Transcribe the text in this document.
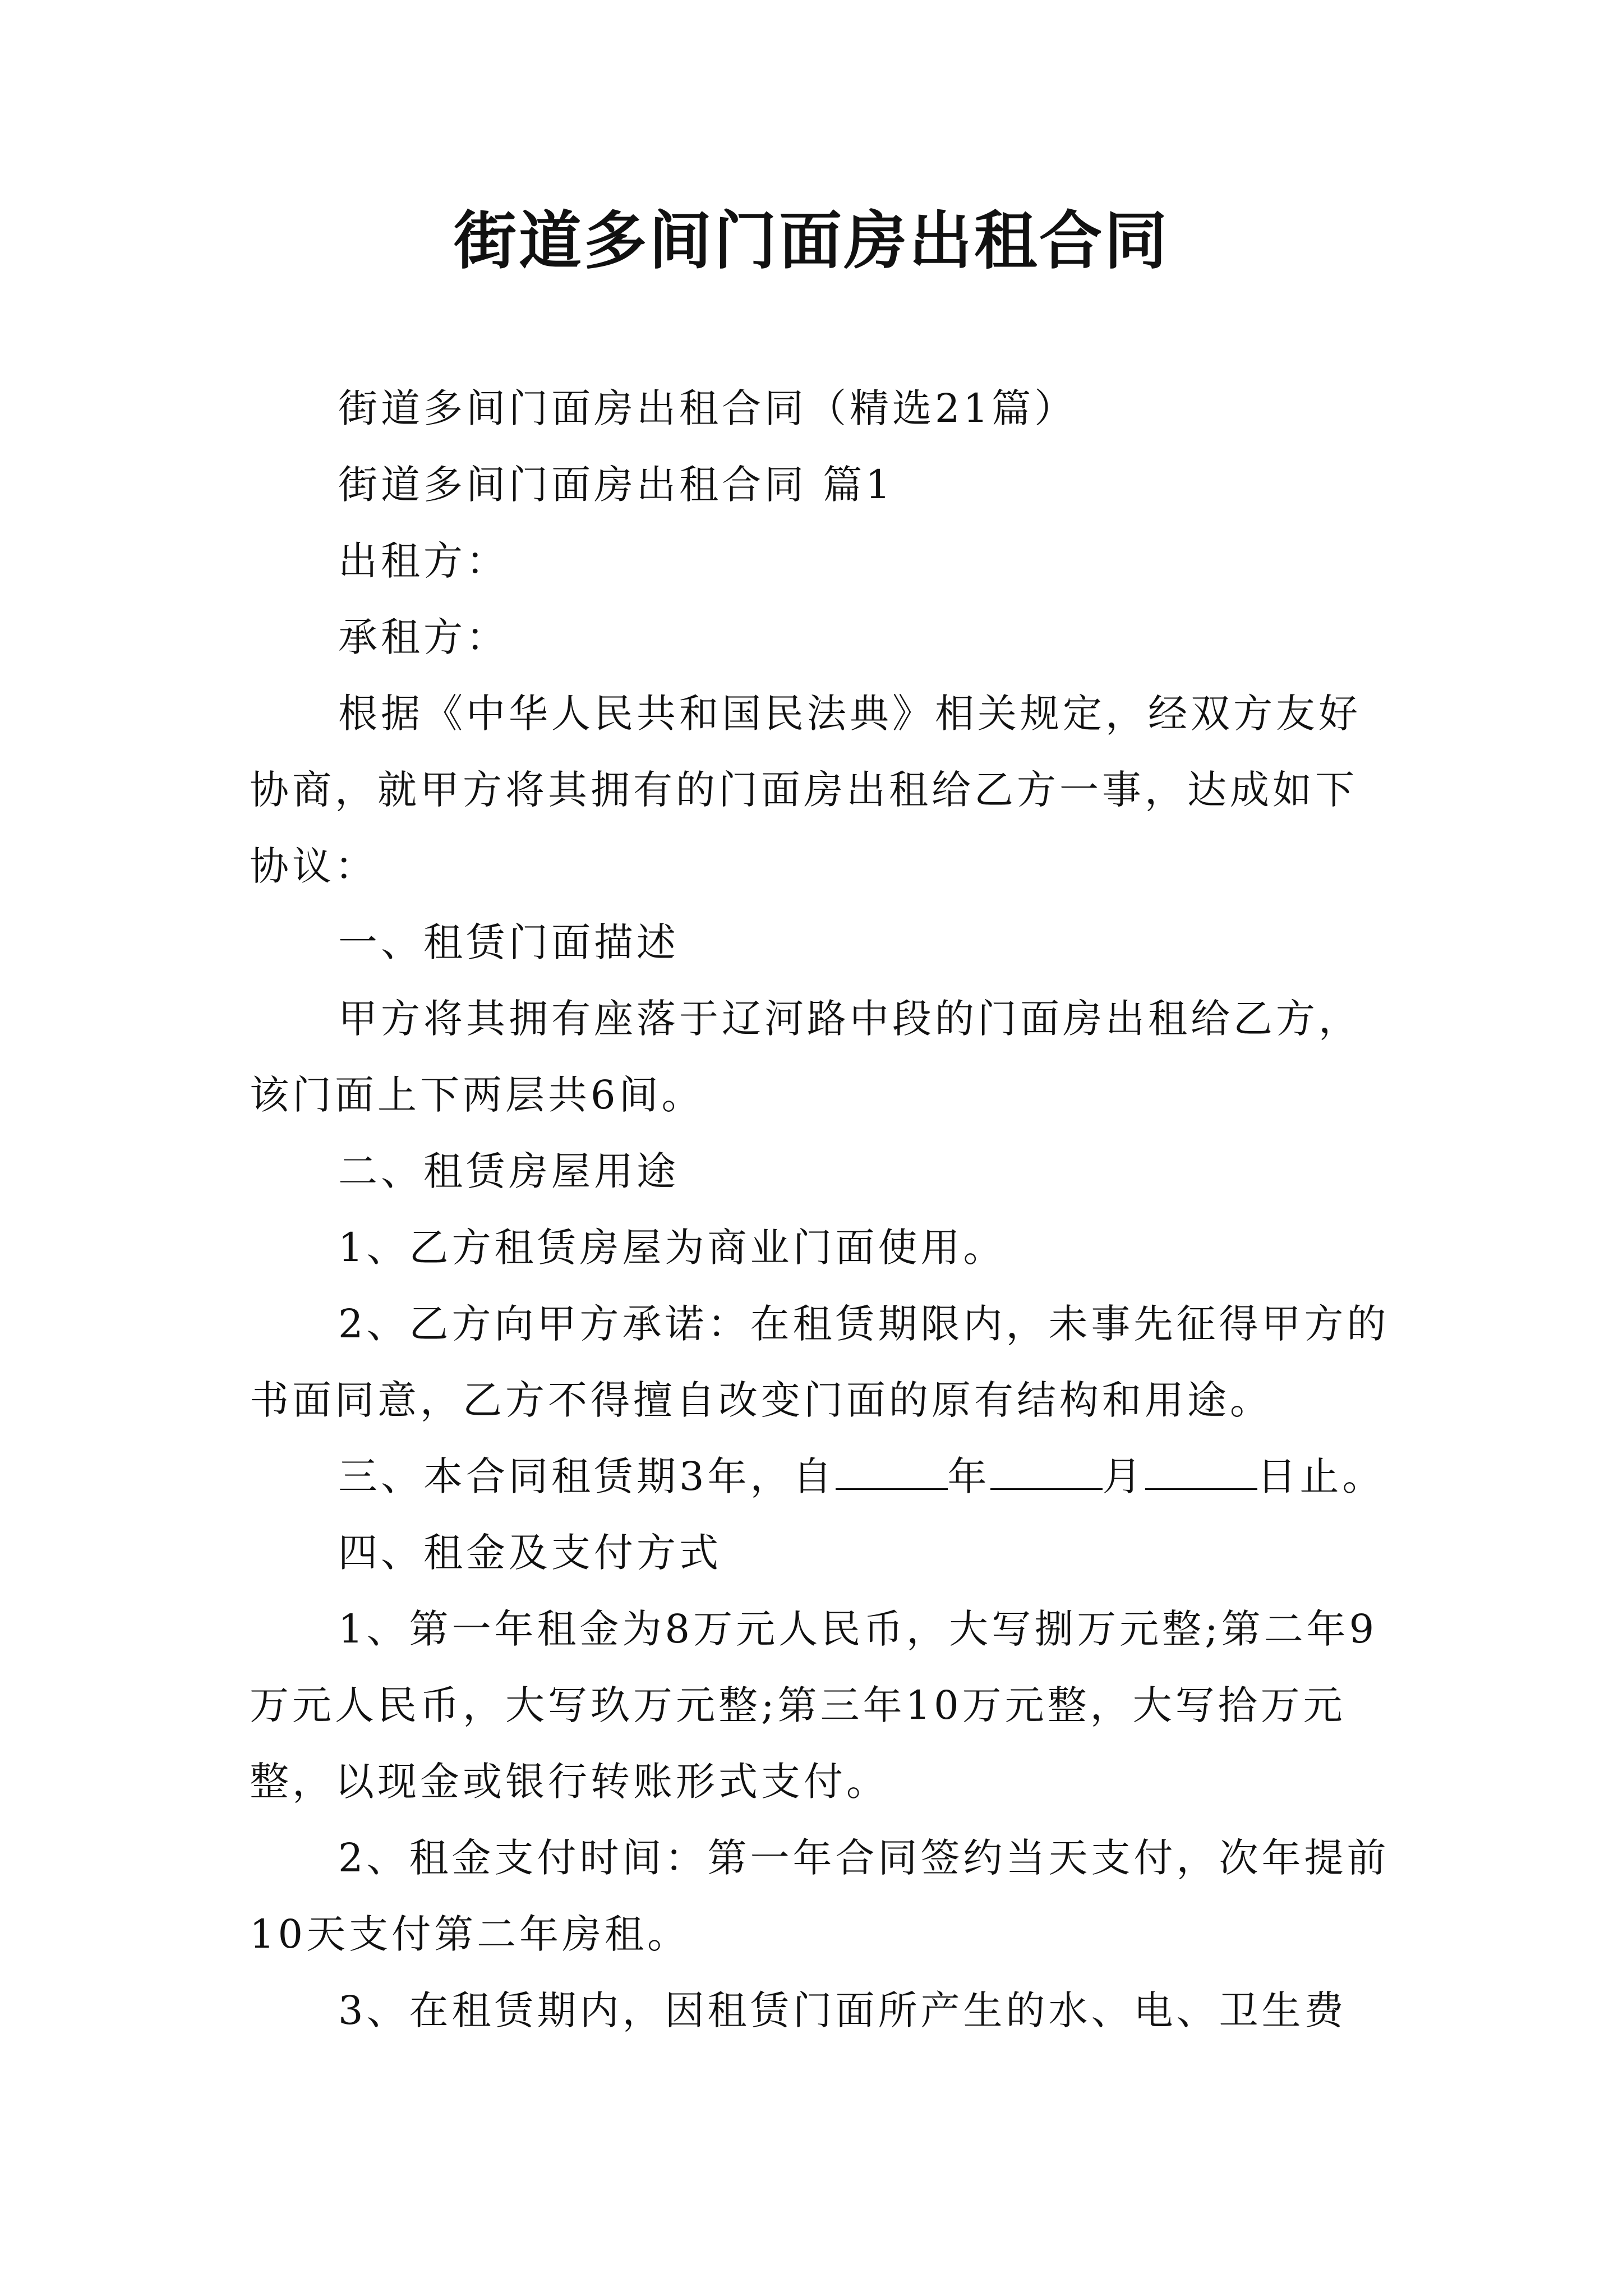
街道多间门面房出租合同

街道多间门面房出租合同（精选21篇）

街道多间门面房出租合同 篇1

出租方：

承租方：

根据《中华人民共和国民法典》相关规定，经双方友好协商，就甲方将其拥有的门面房出租给乙方一事，达成如下协议：

一、租赁门面描述

甲方将其拥有座落于辽河路中段的门面房出租给乙方，该门面上下两层共6间。

二、租赁房屋用途

1、乙方租赁房屋为商业门面使用。

2、乙方向甲方承诺：在租赁期限内，未事先征得甲方的书面同意，乙方不得擅自改变门面的原有结构和用途。

三、本合同租赁期3年，自	年	月	日止。

四、租金及支付方式

1、第一年租金为8万元人民币，大写捌万元整;第二年9万元人民币，大写玖万元整;第三年10万元整，大写拾万元整，以现金或银行转账形式支付。

2、租金支付时间：第一年合同签约当天支付，次年提前10天支付第二年房租。

3、在租赁期内，因租赁门面所产生的水、电、卫生费
